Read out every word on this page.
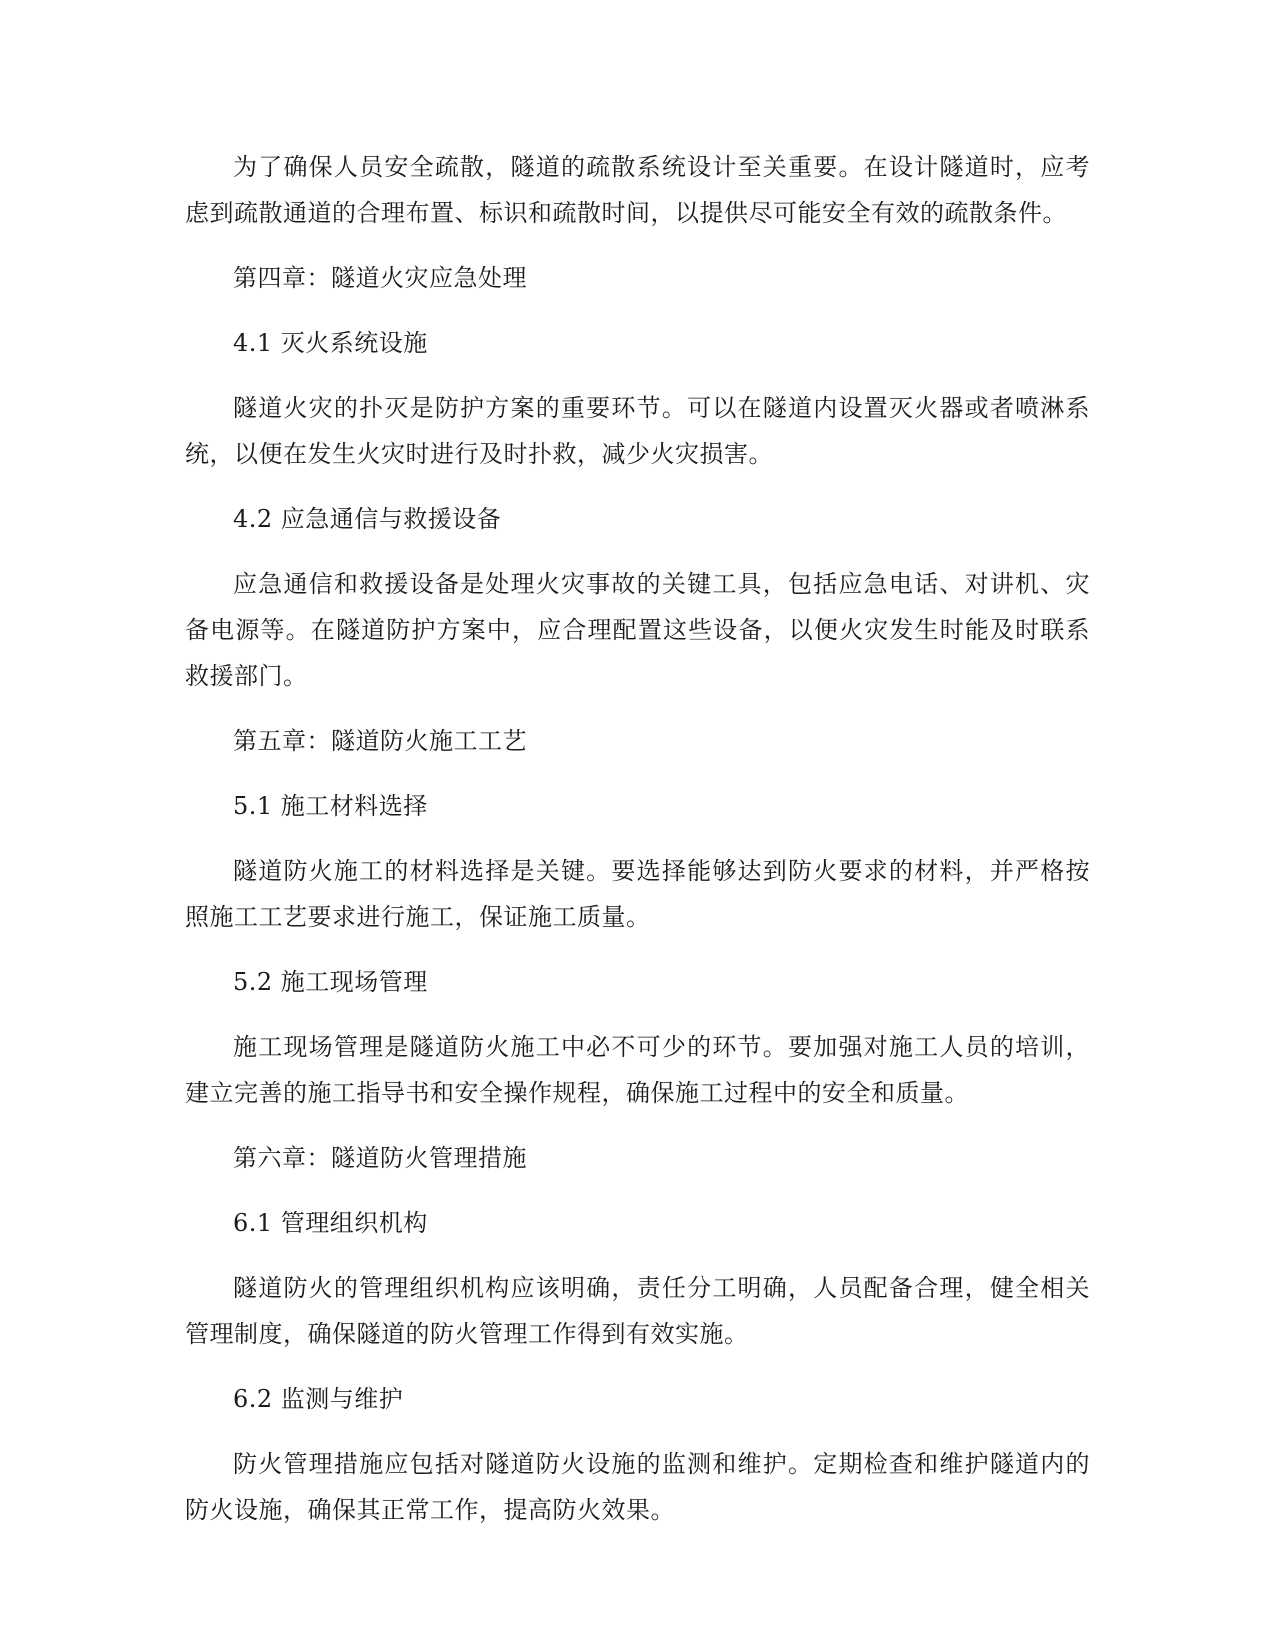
为了确保人员安全疏散，隧道的疏散系统设计至关重要。在设计隧道时，应考虑到疏散通道的合理布置、标识和疏散时间，以提供尽可能安全有效的疏散条件。

第四章：隧道火灾应急处理

4.1 灭火系统设施

隧道火灾的扑灭是防护方案的重要环节。可以在隧道内设置灭火器或者喷淋系统，以便在发生火灾时进行及时扑救，减少火灾损害。

4.2 应急通信与救援设备

应急通信和救援设备是处理火灾事故的关键工具，包括应急电话、对讲机、灾备电源等。在隧道防护方案中，应合理配置这些设备，以便火灾发生时能及时联系救援部门。

第五章：隧道防火施工工艺

5.1 施工材料选择

隧道防火施工的材料选择是关键。要选择能够达到防火要求的材料，并严格按照施工工艺要求进行施工，保证施工质量。

5.2 施工现场管理

施工现场管理是隧道防火施工中必不可少的环节。要加强对施工人员的培训，建立完善的施工指导书和安全操作规程，确保施工过程中的安全和质量。

第六章：隧道防火管理措施

6.1 管理组织机构

隧道防火的管理组织机构应该明确，责任分工明确，人员配备合理，健全相关管理制度，确保隧道的防火管理工作得到有效实施。

6.2 监测与维护

防火管理措施应包括对隧道防火设施的监测和维护。定期检查和维护隧道内的防火设施，确保其正常工作，提高防火效果。
